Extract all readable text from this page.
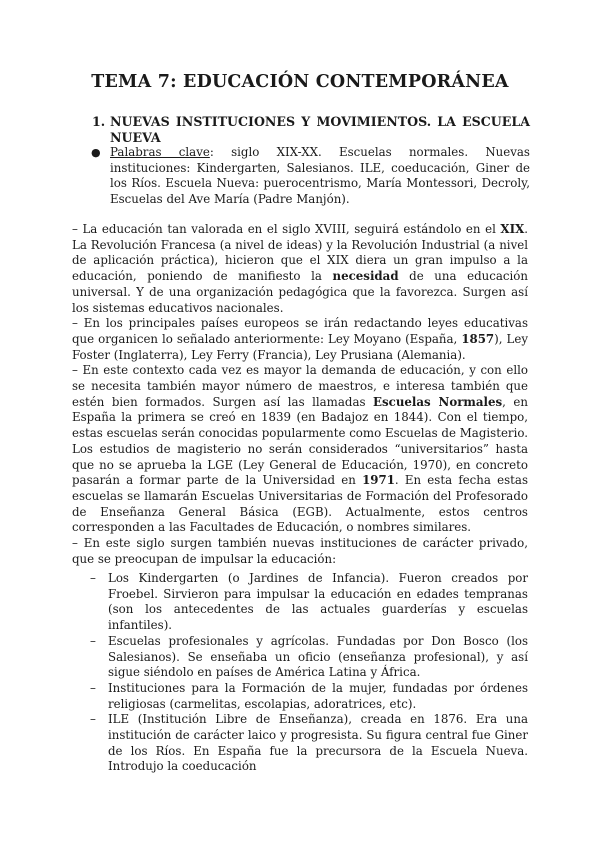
TEMA 7: EDUCACIÓN CONTEMPORÁNEA
1. NUEVAS INSTITUCIONES Y MOVIMIENTOS. LA ESCUELA NUEVA
● Palabras clave: siglo XIX-XX. Escuelas normales. Nuevas instituciones: Kindergarten, Salesianos. ILE, coeducación, Giner de los Ríos. Escuela Nueva: puerocentrismo, María Montessori, Decroly, Escuelas del Ave María (Padre Manjón).

– La educación tan valorada en el siglo XVIII, seguirá estándolo en el XIX. La Revolución Francesa (a nivel de ideas) y la Revolución Industrial (a nivel de aplicación práctica), hicieron que el XIX diera un gran impulso a la educación, poniendo de manifiesto la necesidad de una educación universal. Y de una organización pedagógica que la favorezca. Surgen así los sistemas educativos nacionales.

– En los principales países europeos se irán redactando leyes educativas que organicen lo señalado anteriormente: Ley Moyano (España, 1857), Ley Foster (Inglaterra), Ley Ferry (Francia), Ley Prusiana (Alemania).

– En este contexto cada vez es mayor la demanda de educación, y con ello se necesita también mayor número de maestros, e interesa también que estén bien formados. Surgen así las llamadas Escuelas Normales, en España la primera se creó en 1839 (en Badajoz en 1844). Con el tiempo, estas escuelas serán conocidas popularmente como Escuelas de Magisterio. Los estudios de magisterio no serán considerados “universitarios” hasta que no se aprueba la LGE (Ley General de Educación, 1970), en concreto pasarán a formar parte de la Universidad en 1971. En esta fecha estas escuelas se llamarán Escuelas Universitarias de Formación del Profesorado de Enseñanza General Básica (EGB). Actualmente, estos centros corresponden a las Facultades de Educación, o nombres similares.

– En este siglo surgen también nuevas instituciones de carácter privado, que se preocupan de impulsar la educación:

– Los Kindergarten (o Jardines de Infancia). Fueron creados por Froebel. Sirvieron para impulsar la educación en edades tempranas (son los antecedentes de las actuales guarderías y escuelas infantiles).
– Escuelas profesionales y agrícolas. Fundadas por Don Bosco (los Salesianos). Se enseñaba un oficio (enseñanza profesional), y así sigue siéndolo en países de América Latina y África.
– Instituciones para la Formación de la mujer, fundadas por órdenes religiosas (carmelitas, escolapias, adoratrices, etc).
– ILE (Institución Libre de Enseñanza), creada en 1876. Era una institución de carácter laico y progresista. Su figura central fue Giner de los Ríos. En España fue la precursora de la Escuela Nueva. Introdujo la coeducación
